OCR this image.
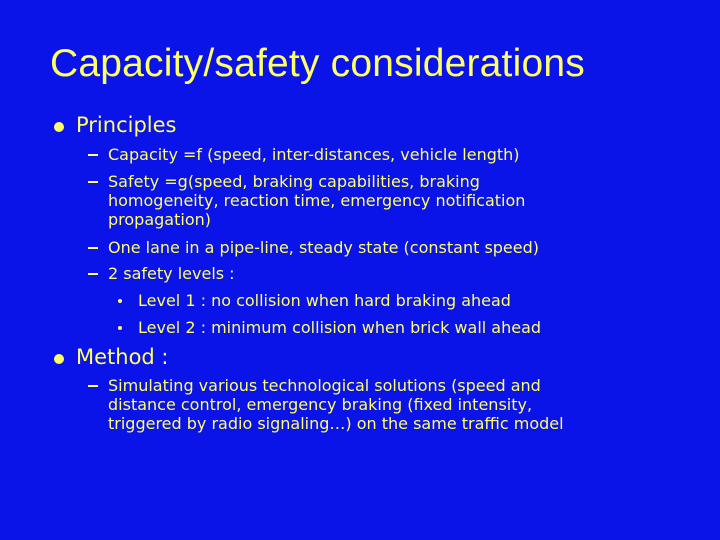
Capacity/safety considerations
Principles
Capacity =f (speed, inter-distances, vehicle length)
Safety =g(speed, braking capabilities, braking
homogeneity, reaction time, emergency notification
propagation)
One lane in a pipe-line, steady state (constant speed)
2 safety levels :
Level 1 : no collision when hard braking ahead
Level 2 : minimum collision when brick wall ahead
Method :
Simulating various technological solutions (speed and
distance control, emergency braking (fixed intensity,
triggered by radio signaling…) on the same traffic model
